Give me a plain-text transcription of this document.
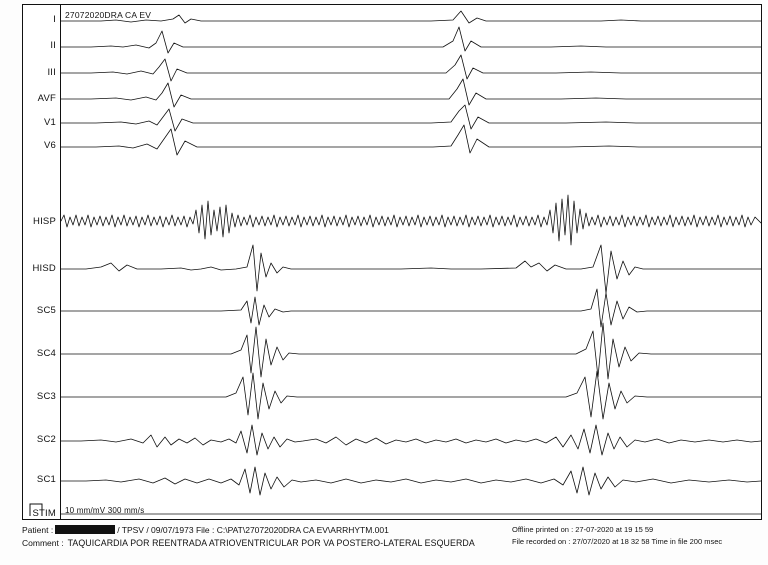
I
II
III
AVF
V1
V6
HISP
HISD
SC5
SC4
SC3
SC2
SC1
STIM
27072020DRA CA EV
10 mm/mV 300 mm/s
Patient :	/ TPSV / 09/07/1973 File : C:\PAT\27072020DRA CA EV\ARRHYTM.001
Comment : TAQUICARDIA POR REENTRADA ATRIOVENTRICULAR POR VA POSTERO-LATERAL ESQUERDA
Offline printed on : 27-07-2020 at 19 15 59
File recorded on : 27/07/2020 at 18 32 58 Time in file 200 msec
